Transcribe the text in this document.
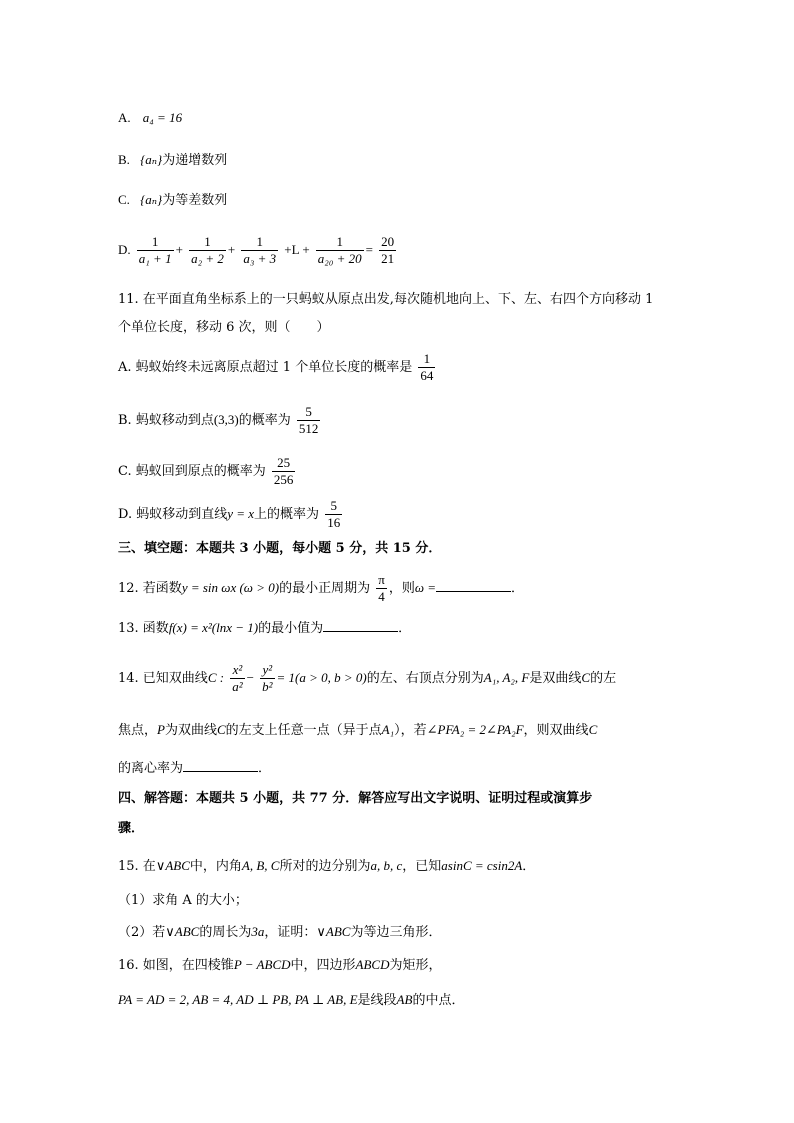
A. a₄ = 16
B. {aₙ}为递增数列
C. {aₙ}为等差数列
D. $\frac{1}{\text{a₁ + 1}} + \frac{1}{\text{a₂ + 2}} + \frac{1}{\text{a₃ + 3}} +L + \frac{1}{\text{a₂₀ + 20}} = \frac{20}{21}$
11. 在平面直角坐标系上的一只蚂蚁从原点出发,每次随机地向上、下、左、右四个方向移动 1
个单位长度，移动 6 次，则（　　）
A. 蚂蚁始终未远离原点超过 1 个单位长度的概率是 $\frac{1}{64}$
B. 蚂蚁移动到点(3,3)的概率为 $\frac{5}{512}$
C. 蚂蚁回到原点的概率为 $\frac{25}{256}$
D. 蚂蚁移动到直线y = x上的概率为 $\frac{5}{16}$
三、填空题：本题共 3 小题，每小题 5 分，共 15 分．
12. 若函数y = sin ωx (ω > 0)的最小正周期为 $\frac{\pi}{4}$ ，则ω =	．
13. 函数f(x) = x²(lnx − 1)的最小值为	．
14. 已知双曲线C : $\frac{\text{x²}}{\text{a²}} - \frac{\text{y²}}{\text{b²}} = 1(a > 0$, b > 0)的左、右顶点分别为A₁, A₂, F是双曲线C的左
焦点，P为双曲线C的左支上任意一点（异于点A₁），若∠PFA₂ = 2∠PA₂F，则双曲线C
的离心率为	．
四、解答题：本题共 5 小题，共 77 分．解答应写出文字说明、证明过程或演算步
骤．
15. 在∨ABC中，内角A, B, C所对的边分别为a, b, c，已知asinC = csin2A．
（1）求角 A 的大小；
（2）若∨ABC的周长为3a，证明：∨ABC为等边三角形．
16. 如图，在四棱锥P − ABCD中，四边形ABCD为矩形，
PA = AD = 2, AB = 4, AD ⊥ PB, PA ⊥ AB, E是线段AB的中点．
